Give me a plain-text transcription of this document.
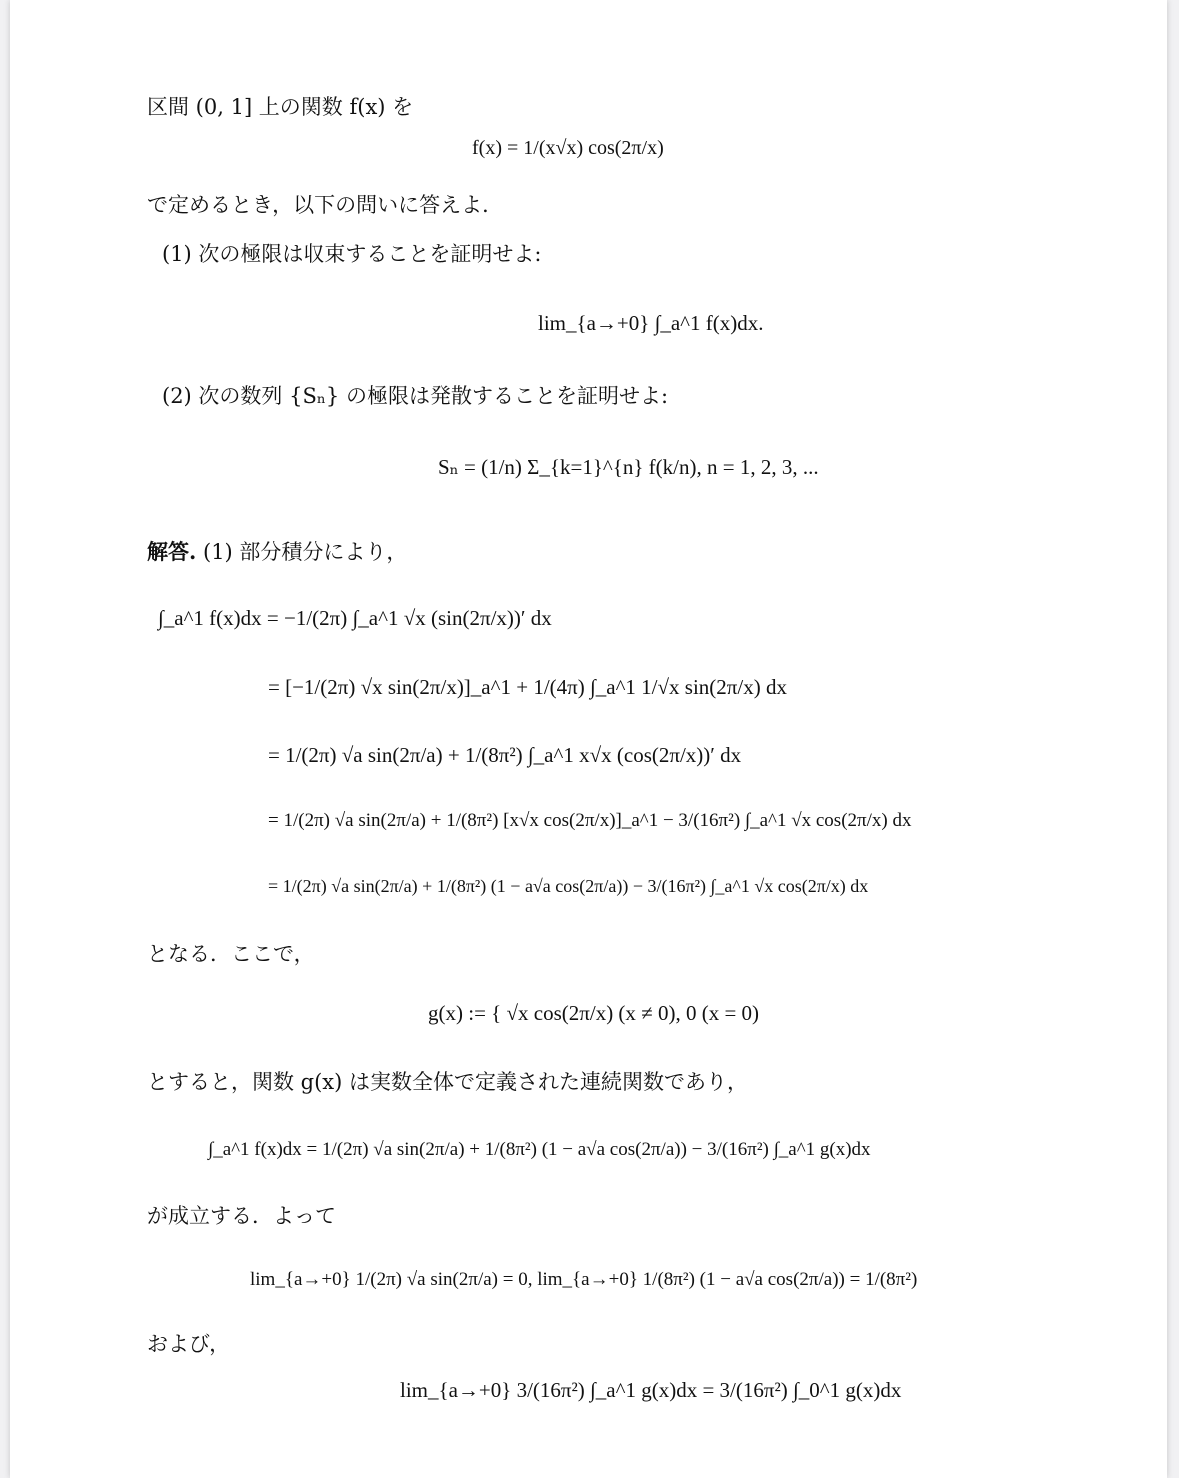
区間 (0, 1] 上の関数 f(x) を
f(x) = 1/(x√x) cos(2π/x)
で定めるとき，以下の問いに答えよ．
(1) 次の極限は収束することを証明せよ:
lim_{a→+0} ∫_a^1 f(x)dx.
(2) 次の数列 {Sₙ} の極限は発散することを証明せよ:
Sₙ = (1/n) Σ_{k=1}^{n} f(k/n), n = 1, 2, 3, ...
解答. (1) 部分積分により，
∫_a^1 f(x)dx = −1/(2π) ∫_a^1 √x (sin(2π/x))′ dx
= [−1/(2π) √x sin(2π/x)]_a^1 + 1/(4π) ∫_a^1 1/√x sin(2π/x) dx
= 1/(2π) √a sin(2π/a) + 1/(8π²) ∫_a^1 x√x (cos(2π/x))′ dx
= 1/(2π) √a sin(2π/a) + 1/(8π²) [x√x cos(2π/x)]_a^1 − 3/(16π²) ∫_a^1 √x cos(2π/x) dx
= 1/(2π) √a sin(2π/a) + 1/(8π²) (1 − a√a cos(2π/a)) − 3/(16π²) ∫_a^1 √x cos(2π/x) dx
となる．ここで，
g(x) := { √x cos(2π/x) (x ≠ 0), 0 (x = 0)
とすると，関数 g(x) は実数全体で定義された連続関数であり，
∫_a^1 f(x)dx = 1/(2π) √a sin(2π/a) + 1/(8π²) (1 − a√a cos(2π/a)) − 3/(16π²) ∫_a^1 g(x)dx
が成立する．よって
lim_{a→+0} 1/(2π) √a sin(2π/a) = 0, lim_{a→+0} 1/(8π²) (1 − a√a cos(2π/a)) = 1/(8π²)
および，
lim_{a→+0} 3/(16π²) ∫_a^1 g(x)dx = 3/(16π²) ∫_0^1 g(x)dx
